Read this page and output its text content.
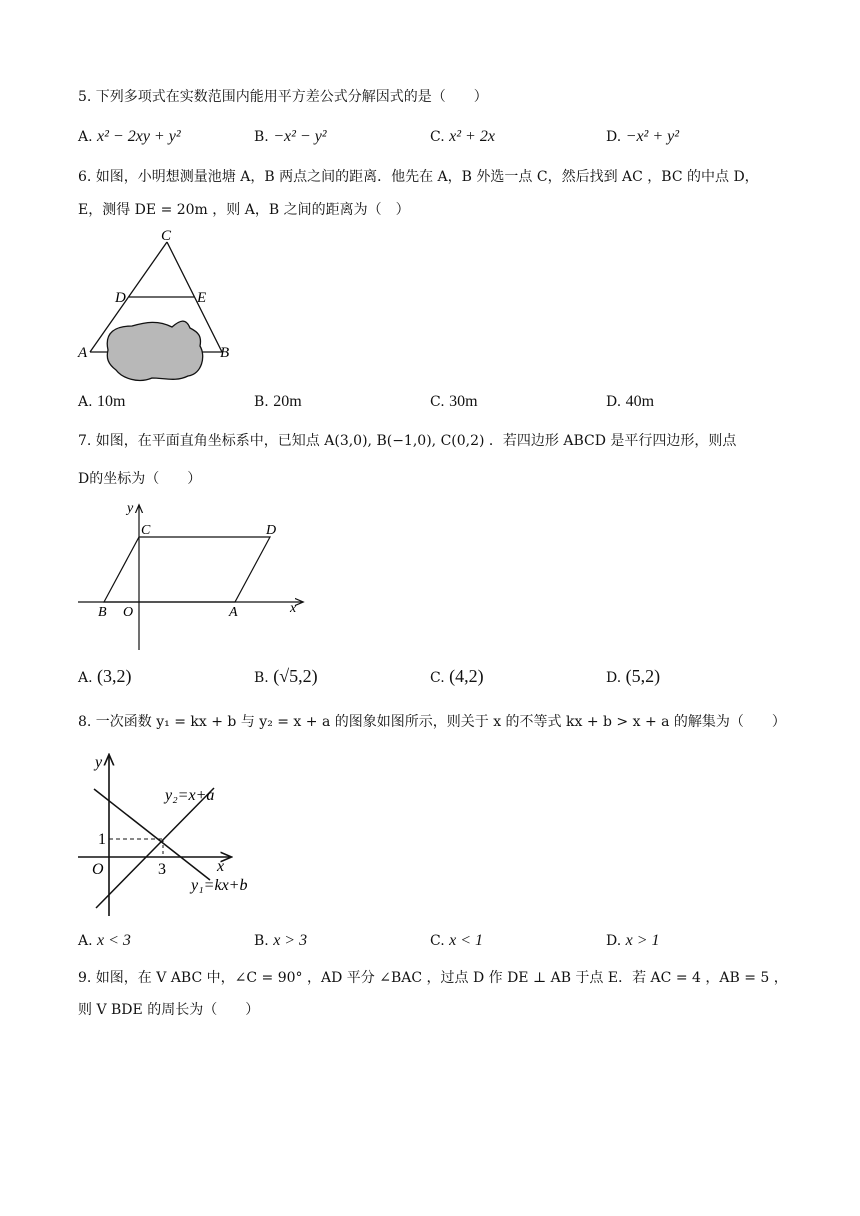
5. 下列多项式在实数范围内能用平方差公式分解因式的是（　　）
A. x² − 2xy + y²	B. −x² − y²	C. x² + 2x	D. −x² + y²
6. 如图，小明想测量池塘 A，B 两点之间的距离．他先在 A，B 外选一点 C，然后找到 AC ，BC 的中点 D，
E，测得 DE = 20m ，则 A，B 之间的距离为（　）
C
D	E
A	B
A. 10m	B. 20m	C. 30m	D. 40m
7. 如图，在平面直角坐标系中，已知点 A(3,0), B(−1,0), C(0,2) ．若四边形 ABCD 是平行四边形，则点
D的坐标为（　　）
y
x
C	D
B O	A
A. (3,2)	B. (√5,2)	C. (4,2)	D. (5,2)
8. 一次函数 y₁ = kx + b 与 y₂ = x + a 的图象如图所示，则关于 x 的不等式 kx + b > x + a 的解集为（　　）
y
x
O
1
3
y₂=x+a
y₁=kx+b
A. x < 3	B. x > 3	C. x < 1	D. x > 1
9. 如图，在 V ABC 中，∠C = 90° ，AD 平分 ∠BAC ，过点 D 作 DE ⊥ AB 于点 E．若 AC = 4 ，AB = 5 ，
则 V BDE 的周长为（　　）
